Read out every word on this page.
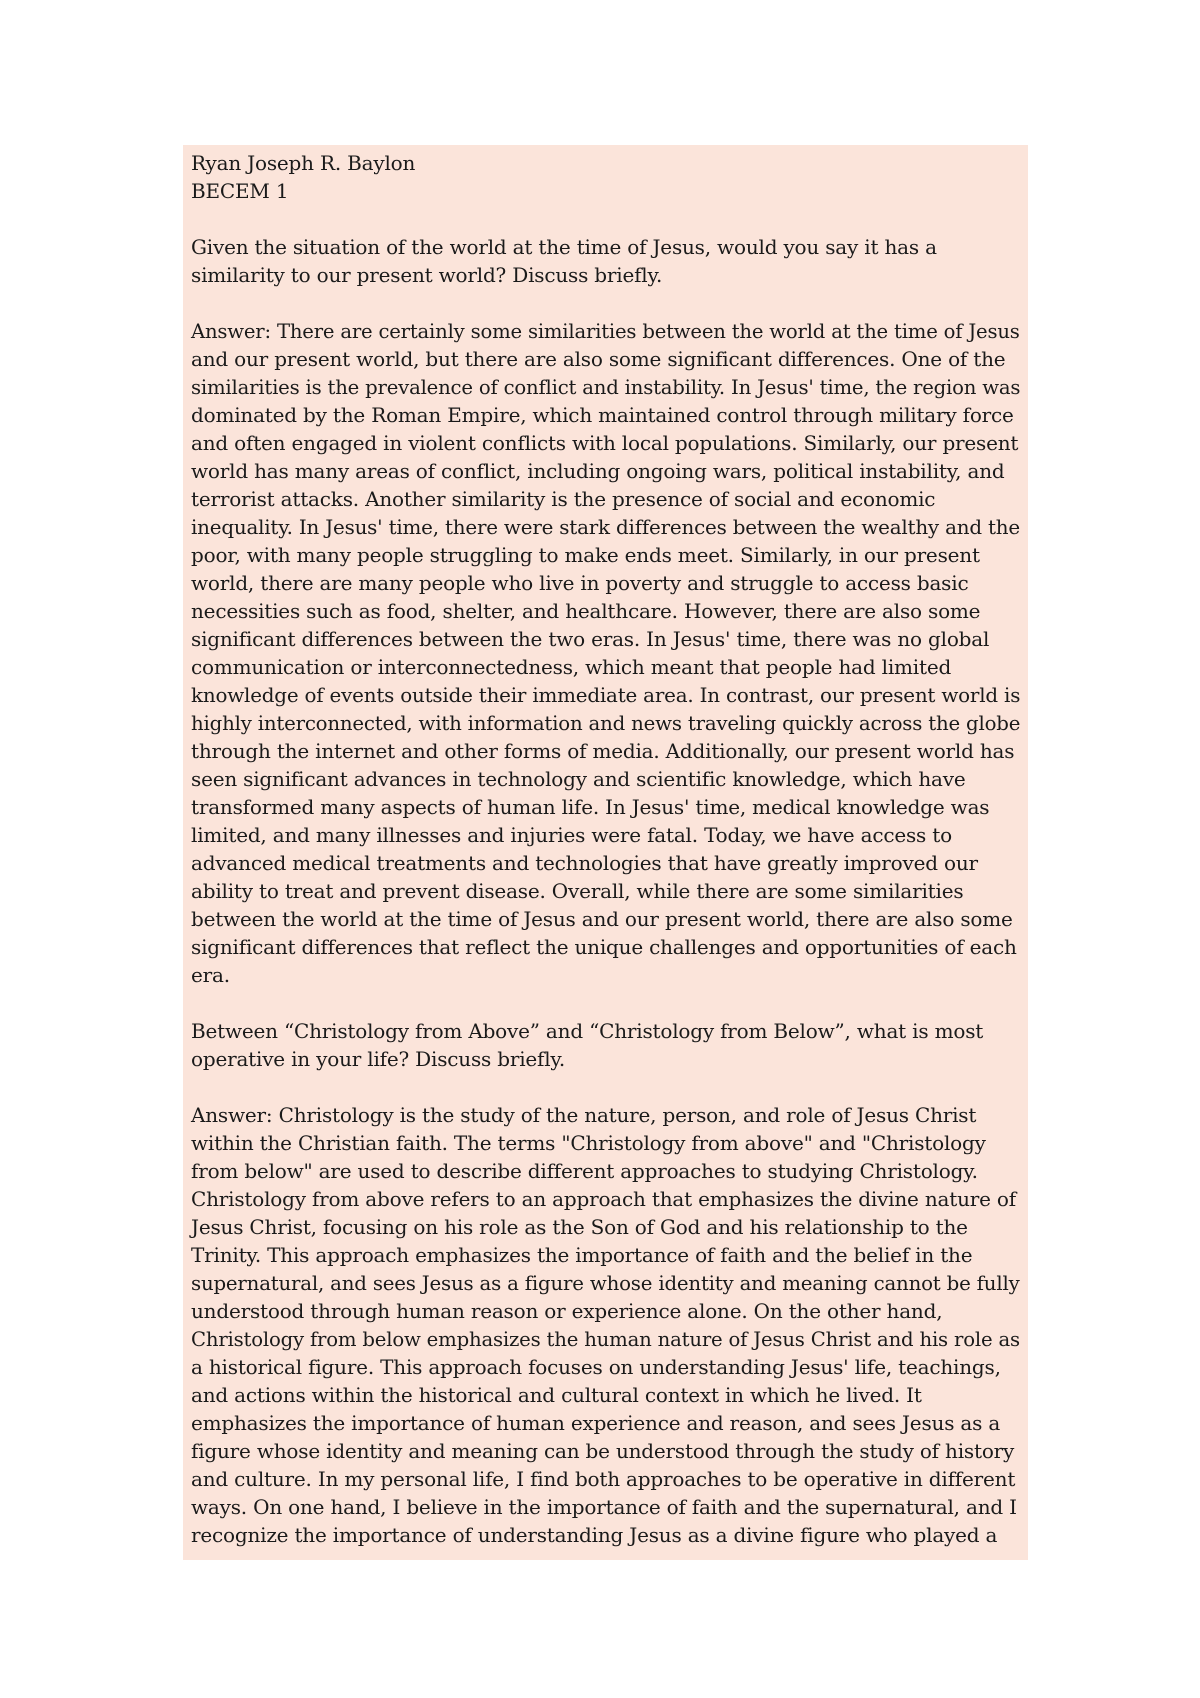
Ryan Joseph R. Baylon
BECEM 1
Given the situation of the world at the time of Jesus, would you say it has a
similarity to our present world? Discuss briefly.
Answer: There are certainly some similarities between the world at the time of Jesus
and our present world, but there are also some significant differences. One of the
similarities is the prevalence of conflict and instability. In Jesus' time, the region was
dominated by the Roman Empire, which maintained control through military force
and often engaged in violent conflicts with local populations. Similarly, our present
world has many areas of conflict, including ongoing wars, political instability, and
terrorist attacks. Another similarity is the presence of social and economic
inequality. In Jesus' time, there were stark differences between the wealthy and the
poor, with many people struggling to make ends meet. Similarly, in our present
world, there are many people who live in poverty and struggle to access basic
necessities such as food, shelter, and healthcare. However, there are also some
significant differences between the two eras. In Jesus' time, there was no global
communication or interconnectedness, which meant that people had limited
knowledge of events outside their immediate area. In contrast, our present world is
highly interconnected, with information and news traveling quickly across the globe
through the internet and other forms of media. Additionally, our present world has
seen significant advances in technology and scientific knowledge, which have
transformed many aspects of human life. In Jesus' time, medical knowledge was
limited, and many illnesses and injuries were fatal. Today, we have access to
advanced medical treatments and technologies that have greatly improved our
ability to treat and prevent disease. Overall, while there are some similarities
between the world at the time of Jesus and our present world, there are also some
significant differences that reflect the unique challenges and opportunities of each
era.
Between “Christology from Above” and “Christology from Below”, what is most
operative in your life? Discuss briefly.
Answer: Christology is the study of the nature, person, and role of Jesus Christ
within the Christian faith. The terms "Christology from above" and "Christology
from below" are used to describe different approaches to studying Christology.
Christology from above refers to an approach that emphasizes the divine nature of
Jesus Christ, focusing on his role as the Son of God and his relationship to the
Trinity. This approach emphasizes the importance of faith and the belief in the
supernatural, and sees Jesus as a figure whose identity and meaning cannot be fully
understood through human reason or experience alone. On the other hand,
Christology from below emphasizes the human nature of Jesus Christ and his role as
a historical figure. This approach focuses on understanding Jesus' life, teachings,
and actions within the historical and cultural context in which he lived. It
emphasizes the importance of human experience and reason, and sees Jesus as a
figure whose identity and meaning can be understood through the study of history
and culture. In my personal life, I find both approaches to be operative in different
ways. On one hand, I believe in the importance of faith and the supernatural, and I
recognize the importance of understanding Jesus as a divine figure who played a
